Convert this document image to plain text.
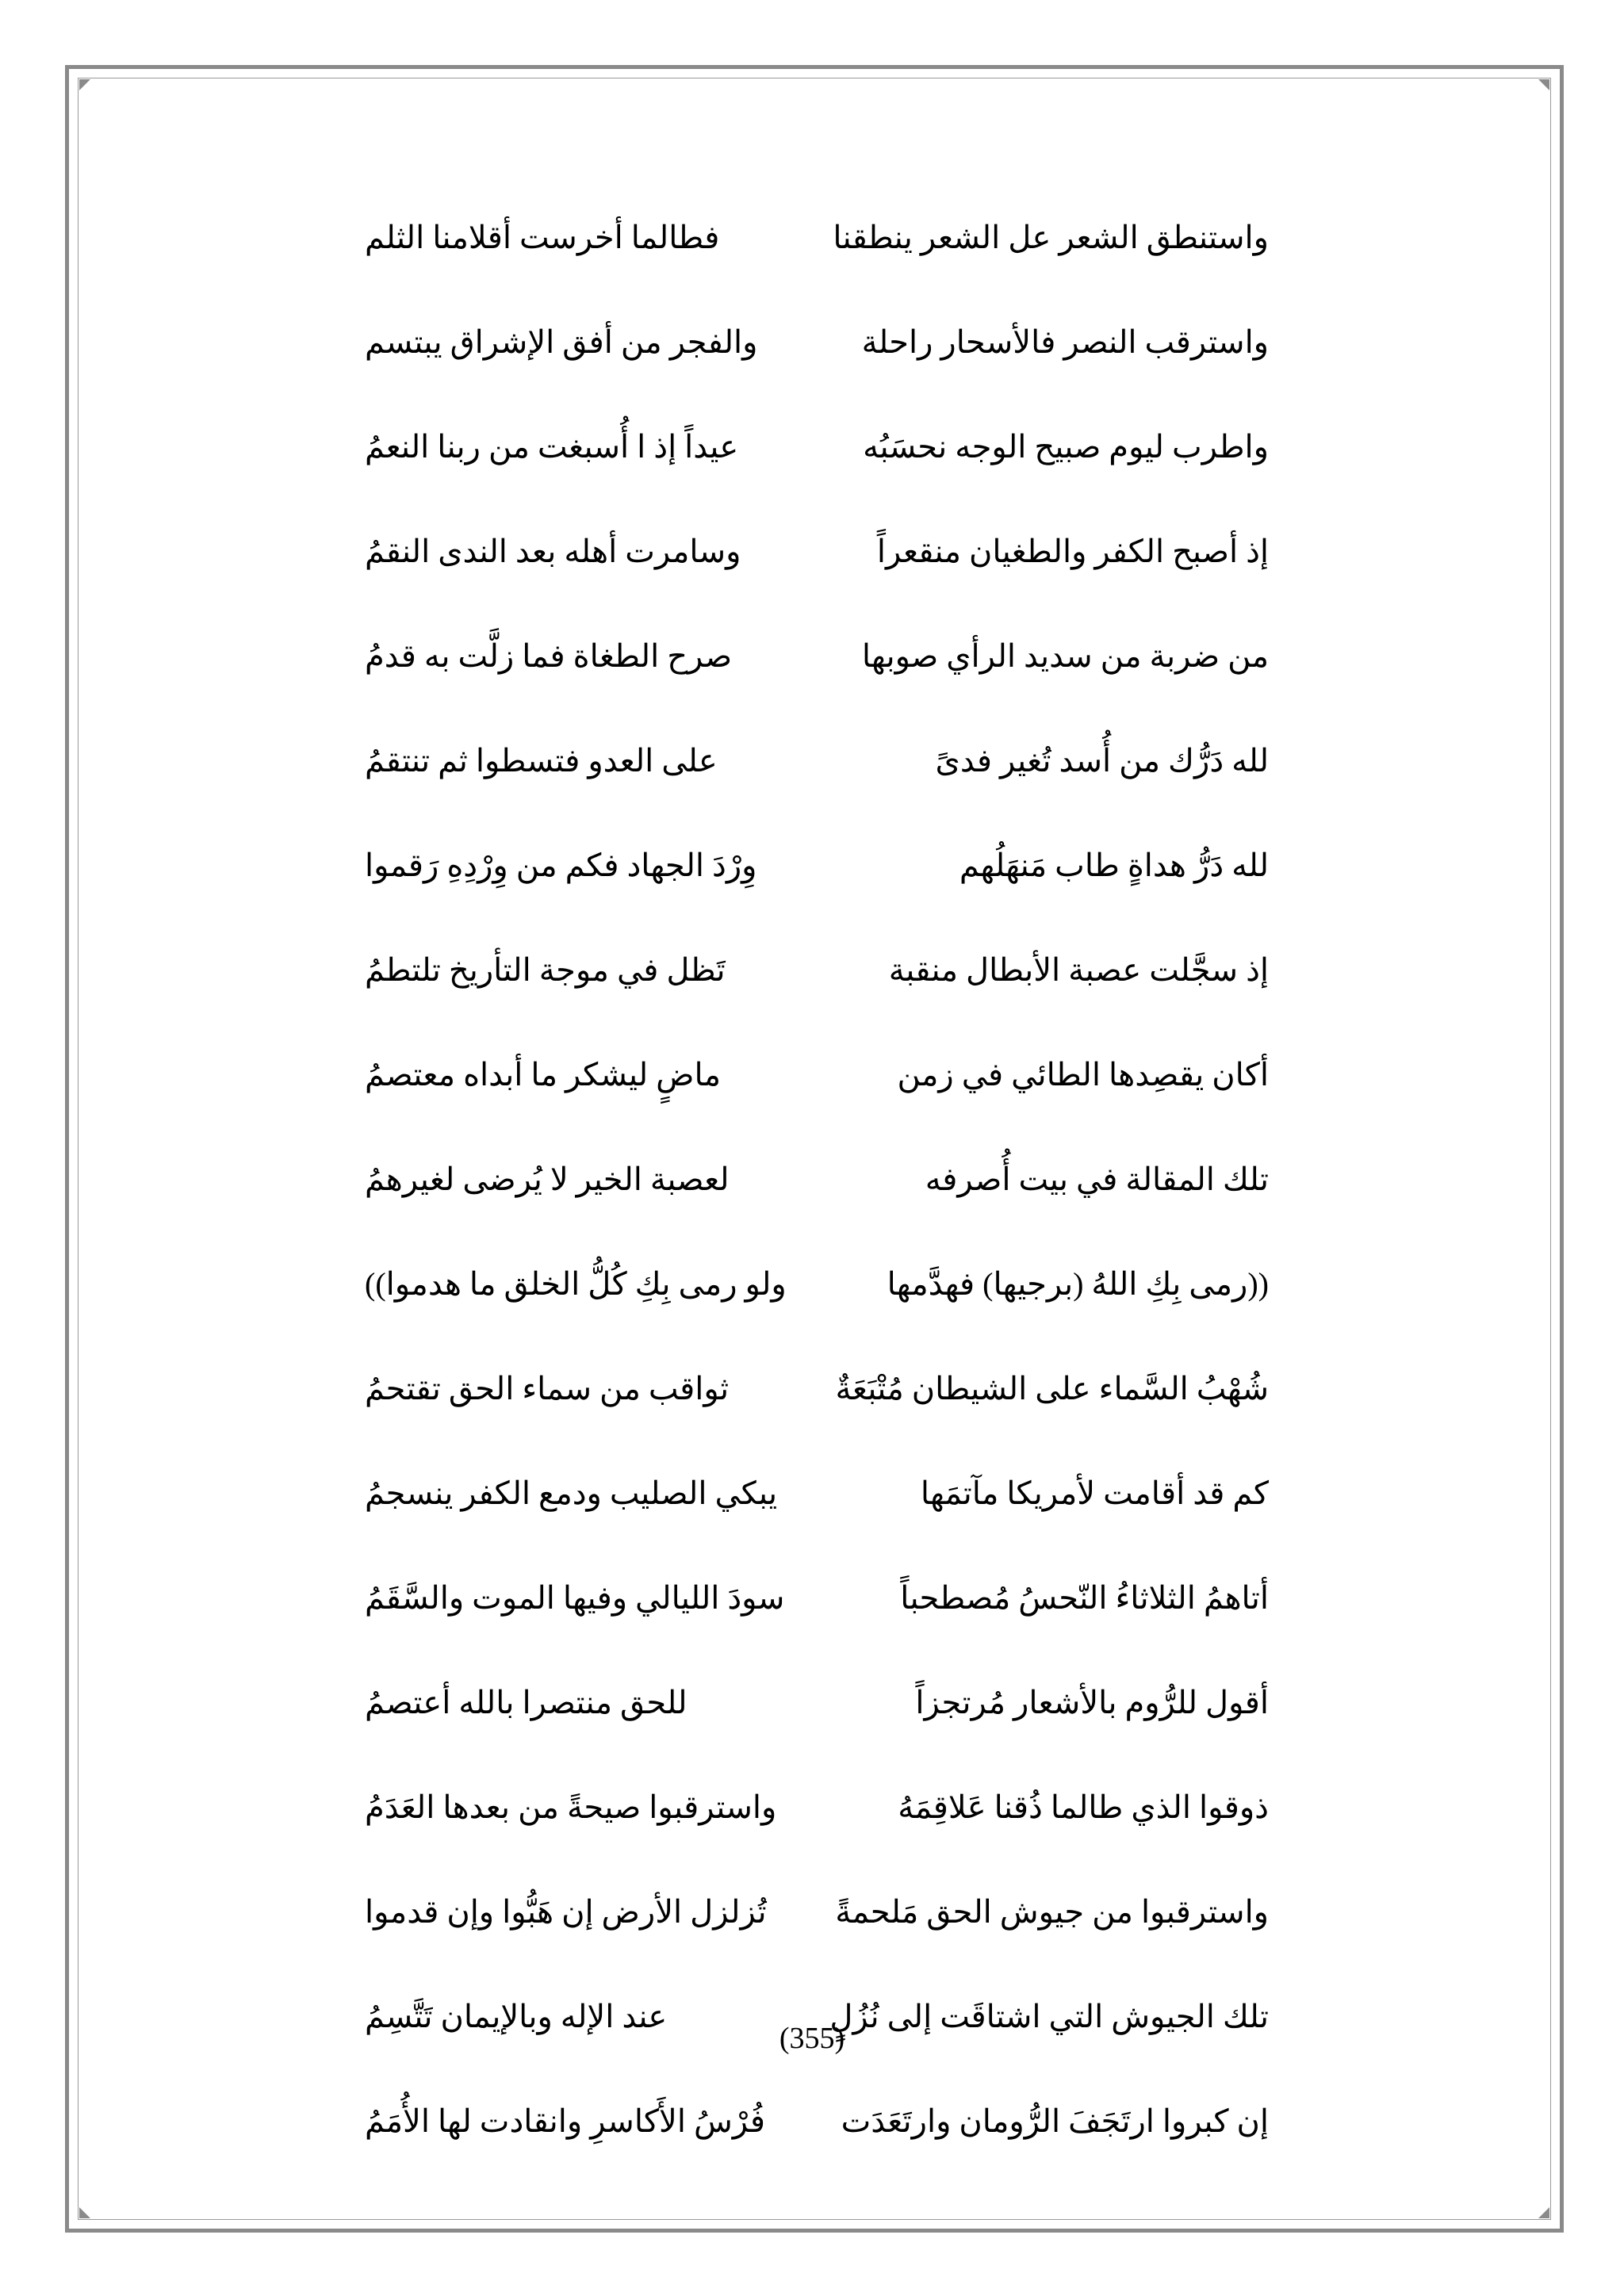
واستنطق الشعر عل الشعر ينطقنا
فطالما أخرست أقلامنا الثلم
واسترقب النصر فالأسحار راحلة
والفجر من أفق الإشراق يبتسم
واطرب ليوم صبيح الوجه نحسَبُه
عيداً إذ ا أُسبغت من ربنا النعمُ
إذ أصبح الكفر والطغيان منقعراً
وسامرت أهله بعد الندى النقمُ
من ضربة من سديد الرأي صوبها
صرح الطغاة فما زلَّت به قدمُ
لله دَرُّك من أُسد تُغير فدىً
على العدو فتسطوا ثم تنتقمُ
لله دَرُّ هداةٍ طاب مَنهَلُهم
وِرْدَ الجهاد فكم من وِرْدِهِ رَقموا
إذ سجَّلت عصبة الأبطال منقبة
تَظل في موجة التأريخ تلتطمُ
أكان يقصِدها الطائي في زمن
ماضٍ ليشكر ما أبداه معتصمُ
تلك المقالة في بيت أُصرفه
لعصبة الخير لا يُرضى لغيرهمُ
((رمى بِكِ اللهُ (برجيها) فهدَّمها
ولو رمى بِكِ كُلُّ الخلق ما هدموا))
شُهْبُ السَّماء على الشيطان مُتْبَعَةٌ
ثواقب من سماء الحق تقتحمُ
كم قد أقامت لأمريكا مآتمَها
يبكي الصليب ودمع الكفر ينسجمُ
أتاهمُ الثلاثاءُ النّحسُ مُصطحباً
سودَ الليالي وفيها الموت والسَّقَمُ
أقول للرُّوم بالأشعار مُرتجزاً
للحق منتصرا بالله أعتصمُ
ذوقوا الذي طالما ذُقنا عَلاقِمَهُ
واسترقبوا صيحةً من بعدها العَدَمُ
واسترقبوا من جيوش الحق مَلحمةً
تُزلزل الأرض إن هَبُّوا وإن قدموا
تلك الجيوش التي اشتاقَت إلى نُزُلٍ
عند الإله وبالإيمان تَتَّسِمُ
إن كبروا ارتَجَفَ الرُّومان وارتَعَدَت
فُرْسُ الأَكاسرِ وانقادت لها الأُمَمُ
(355)
